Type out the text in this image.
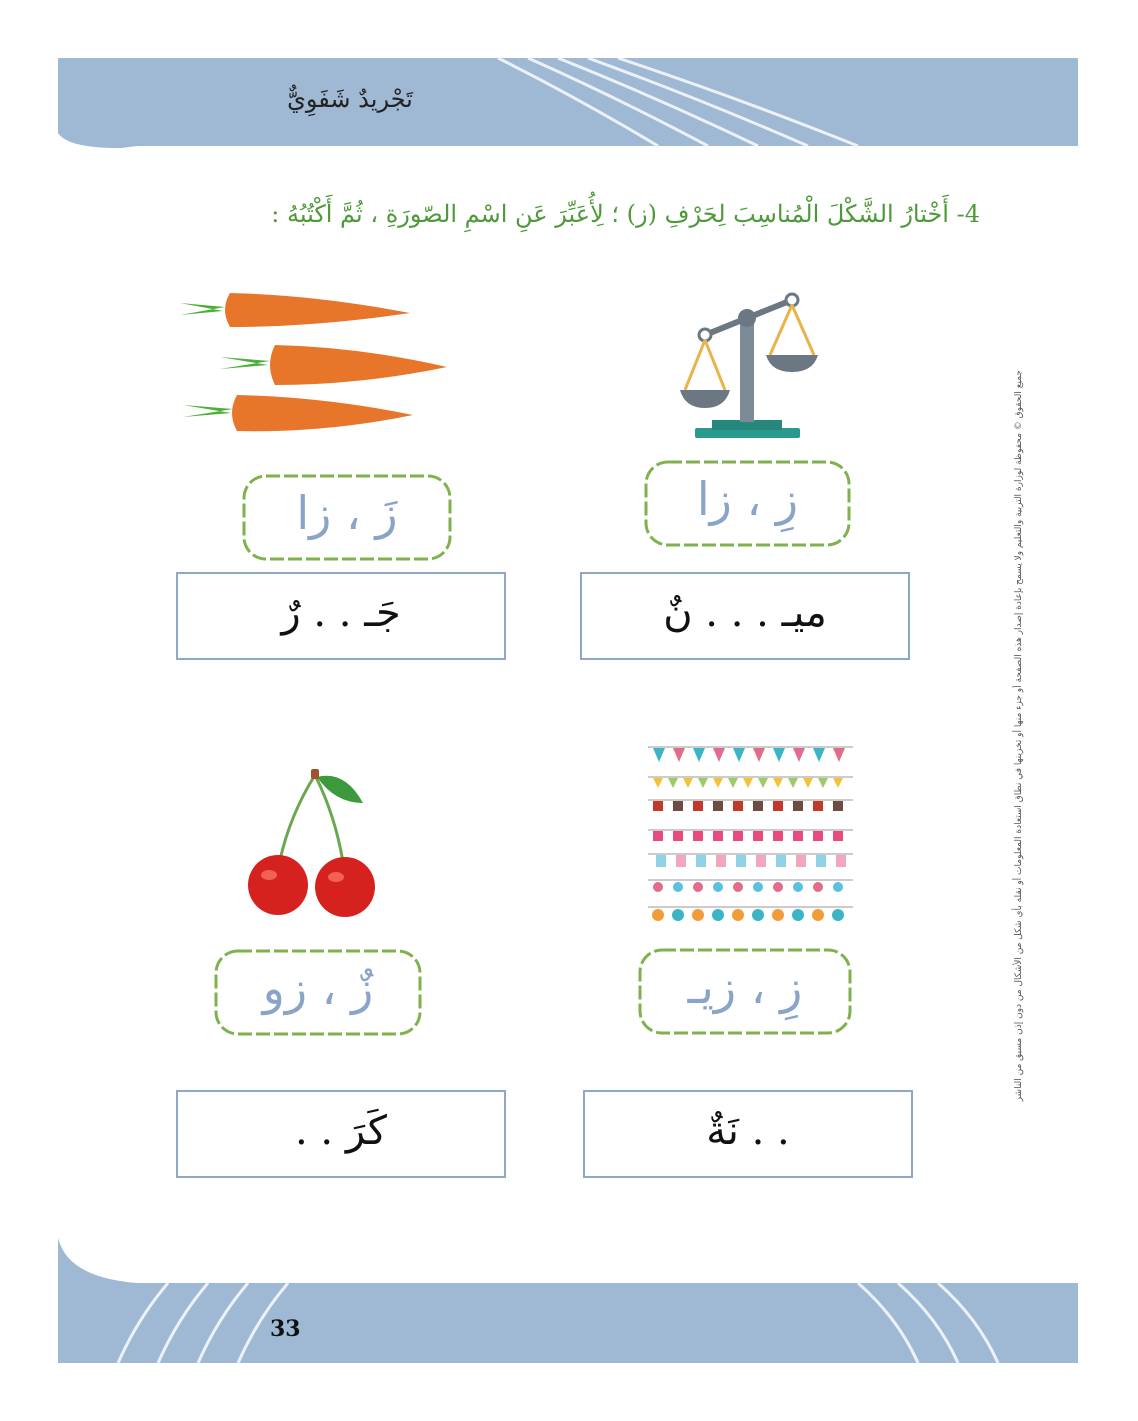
تَجْريدٌ شَفَوِيٌّ
4- أَخْتارُ الشَّكْلَ الْمُناسِبَ لِحَرْفِ (ز) ؛ لِأُعَبِّرَ عَنِ اسْمِ الصّورَةِ ، ثُمَّ أَكْتُبُهُ :
جميع الحقوق © محفوظة لوزارة التربية والتعليم ولا يسمح بإعادة إصدار هذه الصفحة أو جزء منها أو تخزينها في نطاق استعادة المعلومات أو نقله بأي شكل من الأشكال من دون إذن مسبق من الناشر
زِ ، زا
ميـ . . . نٌ
زَ ، زا
جَـ . . رٌ
زِ ، زيـ
. . نَةٌ
زٌ ، زو
كَرَ . .
33
